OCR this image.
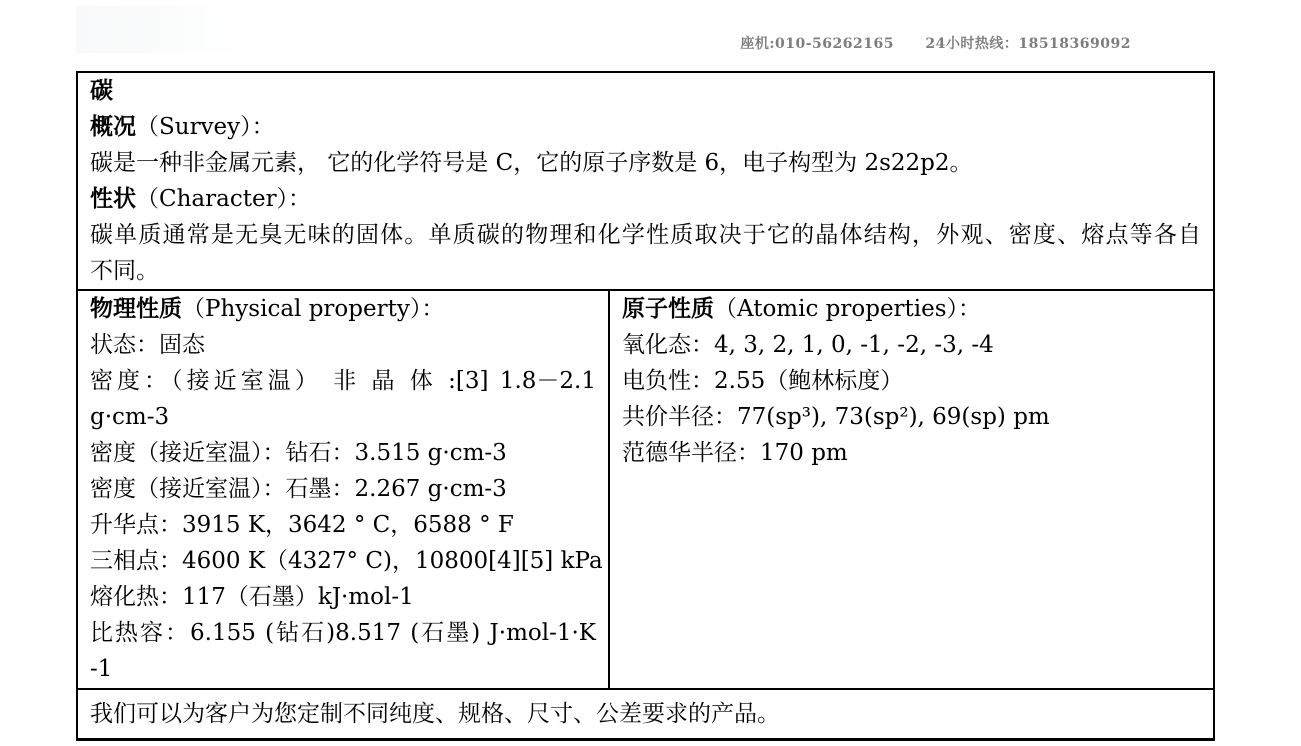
座机:010-56262165 24小时热线：18518369092
碳
概况（Survey）：
碳是一种非金属元素， 它的化学符号是 C，它的原子序数是 6，电子构型为 2s22p2。
性状（Character）：
碳单质通常是无臭无味的固体。单质碳的物理和化学性质取决于它的晶体结构，外观、密度、熔点等各自
不同。
物理性质（Physical property）：
状态：固态
密度：（接近室温） 非 晶 体 :[3] 1.8－2.1
g·cm-3
密度（接近室温）：钻石：3.515 g·cm-3
密度（接近室温）：石墨：2.267 g·cm-3
升华点：3915 K，3642 ° C，6588 ° F
三相点：4600 K（4327° C)，10800[4][5] kPa
熔化热：117（石墨）kJ·mol-1
比热容：6.155 (钻石)8.517 (石墨) J·mol-1·K
-1
原子性质（Atomic properties）：
氧化态：4, 3, 2, 1, 0, -1, -2, -3, -4
电负性：2.55（鲍林标度）
共价半径：77(sp³), 73(sp²), 69(sp) pm
范德华半径：170 pm
我们可以为客户为您定制不同纯度、规格、尺寸、公差要求的产品。
